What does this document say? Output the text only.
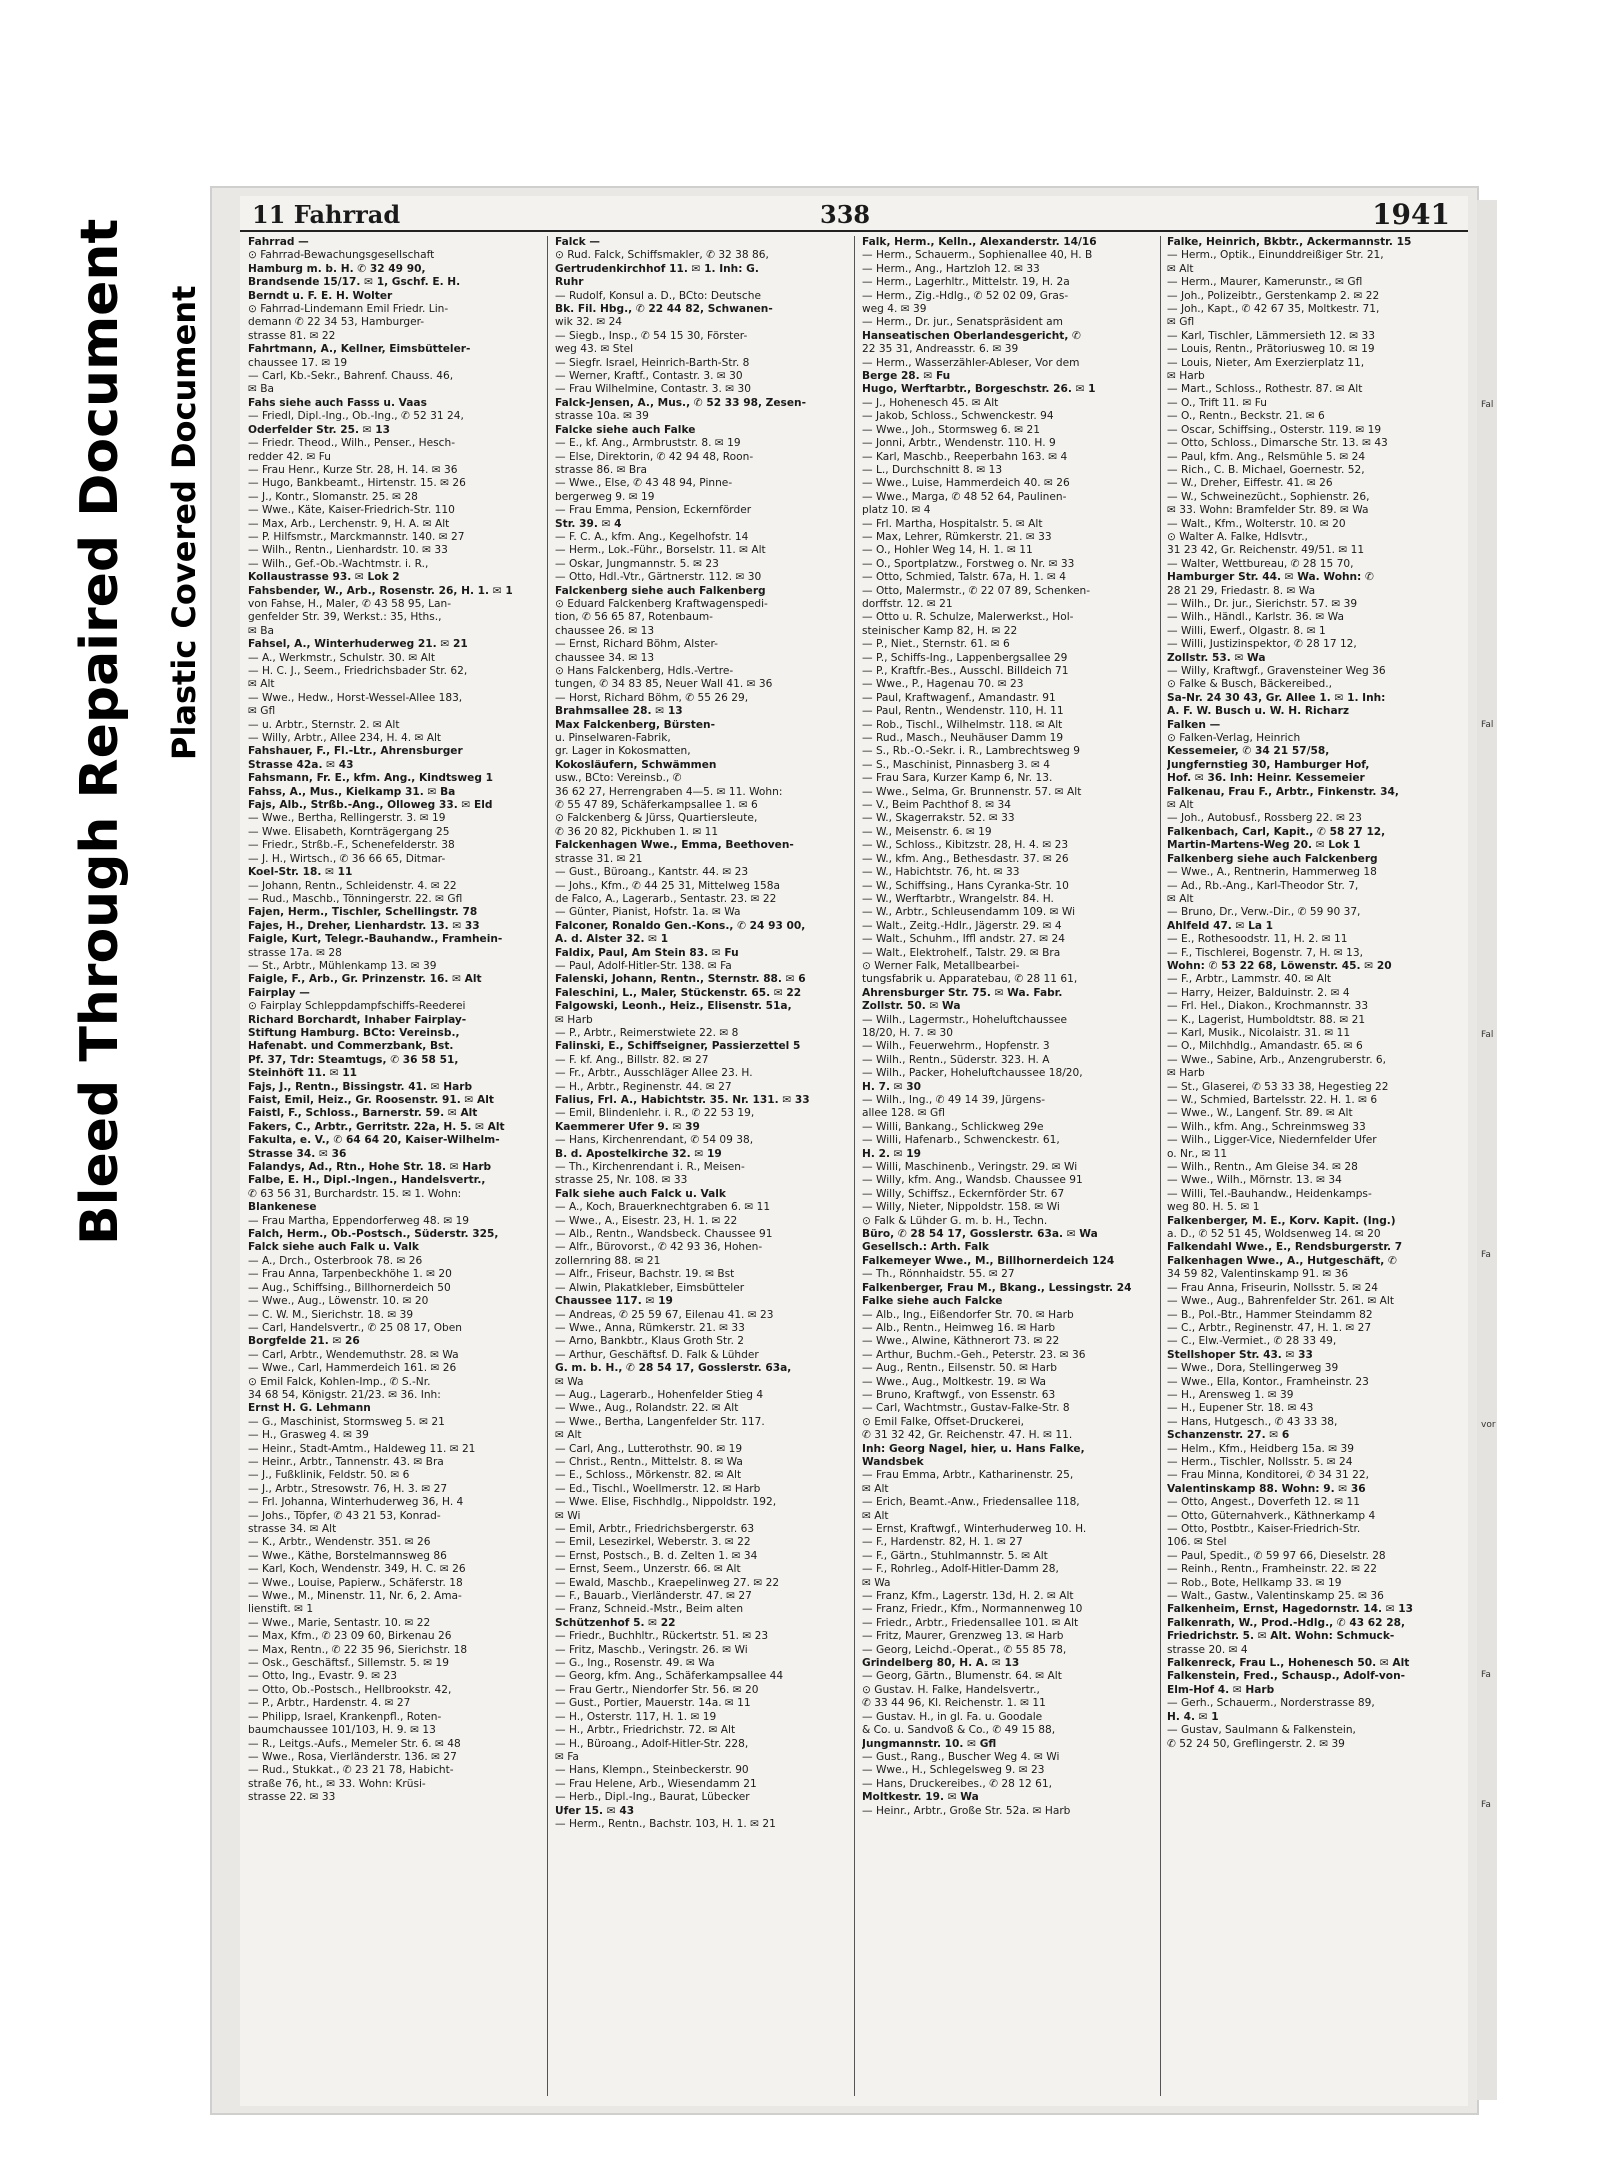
Bleed Through Repaired Document Plastic Covered Document
11 Fahrrad	338	1941
Fahrrad —
⊙ Fahrrad-Bewachungsgesellschaft
Hamburg m. b. H. ✆ 32 49 90,
Brandsende 15/17. ✉ 1, Gschf. E. H.
Berndt u. F. E. H. Wolter
⊙ Fahrrad-Lindemann Emil Friedr. Lin-
demann ✆ 22 34 53, Hamburger-
strasse 81. ✉ 22
Fahrtmann, A., Kellner, Eimsbütteler-
chaussee 17. ✉ 19
— Carl, Kb.-Sekr., Bahrenf. Chauss. 46,
✉ Ba
Fahs siehe auch Fasss u. Vaas
— Friedl, Dipl.-Ing., Ob.-Ing., ✆ 52 31 24,
Oderfelder Str. 25. ✉ 13
— Friedr. Theod., Wilh., Penser., Hesch-
redder 42. ✉ Fu
— Frau Henr., Kurze Str. 28, H. 14. ✉ 36
— Hugo, Bankbeamt., Hirtenstr. 15. ✉ 26
— J., Kontr., Slomanstr. 25. ✉ 28
— Wwe., Käte, Kaiser-Friedrich-Str. 110
— Max, Arb., Lerchenstr. 9, H. A. ✉ Alt
— P. Hilfsmstr., Marckmannstr. 140. ✉ 27
— Wilh., Rentn., Lienhardstr. 10. ✉ 33
— Wilh., Gef.-Ob.-Wachtmstr. i. R.,
Kollaustrasse 93. ✉ Lok 2
Fahsbender, W., Arb., Rosenstr. 26, H. 1. ✉ 1
von Fahse, H., Maler, ✆ 43 58 95, Lan-
genfelder Str. 39, Werkst.: 35, Hths.,
✉ Ba
Fahsel, A., Winterhuderweg 21. ✉ 21
— A., Werkmstr., Schulstr. 30. ✉ Alt
— H. C. J., Seem., Friedrichsbader Str. 62,
✉ Alt
— Wwe., Hedw., Horst-Wessel-Allee 183,
✉ Gfl
— u. Arbtr., Sternstr. 2. ✉ Alt
— Willy, Arbtr., Allee 234, H. 4. ✉ Alt
Fahshauer, F., Fl.-Ltr., Ahrensburger
Strasse 42a. ✉ 43
Fahsmann, Fr. E., kfm. Ang., Kindtsweg 1
Fahss, A., Mus., Kielkamp 31. ✉ Ba
Fajs, Alb., Strßb.-Ang., Olloweg 33. ✉ Eld
— Wwe., Bertha, Rellingerstr. 3. ✉ 19
— Wwe. Elisabeth, Kornträgergang 25
— Friedr., Strßb.-F., Schenefelderstr. 38
— J. H., Wirtsch., ✆ 36 66 65, Ditmar-
Koel-Str. 18. ✉ 11
— Johann, Rentn., Schleidenstr. 4. ✉ 22
— Rud., Maschb., Tönningerstr. 22. ✉ Gfl
Fajen, Herm., Tischler, Schellingstr. 78
Fajes, H., Dreher, Lienhardstr. 13. ✉ 33
Faigle, Kurt, Telegr.-Bauhandw., Framhein-
strasse 17a. ✉ 28
— St., Arbtr., Mühlenkamp 13. ✉ 39
Faigle, F., Arb., Gr. Prinzenstr. 16. ✉ Alt
Fairplay —
⊙ Fairplay Schleppdampfschiffs-Reederei
Richard Borchardt, Inhaber Fairplay-
Stiftung Hamburg. BCto: Vereinsb.,
Hafenabt. und Commerzbank, Bst.
Pf. 37, Tdr: Steamtugs, ✆ 36 58 51,
Steinhöft 11. ✉ 11
Fajs, J., Rentn., Bissingstr. 41. ✉ Harb
Faist, Emil, Heiz., Gr. Roosenstr. 91. ✉ Alt
Faistl, F., Schloss., Barnerstr. 59. ✉ Alt
Fakers, C., Arbtr., Gerritstr. 22a, H. 5. ✉ Alt
Fakulta, e. V., ✆ 64 64 20, Kaiser-Wilhelm-
Strasse 34. ✉ 36
Falandys, Ad., Rtn., Hohe Str. 18. ✉ Harb
Falbe, E. H., Dipl.-Ingen., Handelsvertr.,
✆ 63 56 31, Burchardstr. 15. ✉ 1. Wohn:
Blankenese
— Frau Martha, Eppendorferweg 48. ✉ 19
Falch, Herm., Ob.-Postsch., Süderstr. 325,
Falck siehe auch Falk u. Valk
— A., Drch., Osterbrook 78. ✉ 26
— Frau Anna, Tarpenbeckhöhe 1. ✉ 20
— Aug., Schiffsing., Billhornerdeich 50
— Wwe., Aug., Löwenstr. 10. ✉ 20
— C. W. M., Sierichstr. 18. ✉ 39
— Carl, Handelsvertr., ✆ 25 08 17, Oben
Borgfelde 21. ✉ 26
— Carl, Arbtr., Wendemuthstr. 28. ✉ Wa
— Wwe., Carl, Hammerdeich 161. ✉ 26
⊙ Emil Falck, Kohlen-Imp., ✆ S.-Nr.
34 68 54, Königstr. 21/23. ✉ 36. Inh:
Ernst H. G. Lehmann
— G., Maschinist, Stormsweg 5. ✉ 21
— H., Grasweg 4. ✉ 39
— Heinr., Stadt-Amtm., Haldeweg 11. ✉ 21
— Heinr., Arbtr., Tannenstr. 43. ✉ Bra
— J., Fußklinik, Feldstr. 50. ✉ 6
— J., Arbtr., Stresowstr. 76, H. 3. ✉ 27
— Frl. Johanna, Winterhuderweg 36, H. 4
— Johs., Töpfer, ✆ 43 21 53, Konrad-
strasse 34. ✉ Alt
— K., Arbtr., Wendenstr. 351. ✉ 26
— Wwe., Käthe, Borstelmannsweg 86
— Karl, Koch, Wendenstr. 349, H. C. ✉ 26
— Wwe., Louise, Papierw., Schäferstr. 18
— Wwe., M., Minenstr. 11, Nr. 6, 2. Ama-
lienstift. ✉ 1
— Wwe., Marie, Sentastr. 10. ✉ 22
— Max, Kfm., ✆ 23 09 60, Birkenau 26
— Max, Rentn., ✆ 22 35 96, Sierichstr. 18
— Osk., Geschäftsf., Sillemstr. 5. ✉ 19
— Otto, Ing., Evastr. 9. ✉ 23
— Otto, Ob.-Postsch., Hellbrookstr. 42,
— P., Arbtr., Hardenstr. 4. ✉ 27
— Philipp, Israel, Krankenpfl., Roten-
baumchaussee 101/103, H. 9. ✉ 13
— R., Leitgs.-Aufs., Memeler Str. 6. ✉ 48
— Wwe., Rosa, Vierländerstr. 136. ✉ 27
— Rud., Stukkat., ✆ 23 21 78, Habicht-
straße 76, ht., ✉ 33. Wohn: Krüsi-
strasse 22. ✉ 33
Falck —
⊙ Rud. Falck, Schiffsmakler, ✆ 32 38 86,
Gertrudenkirchhof 11. ✉ 1. Inh: G.
Ruhr
— Rudolf, Konsul a. D., BCto: Deutsche
Bk. Fil. Hbg., ✆ 22 44 82, Schwanen-
wik 32. ✉ 24
— Siegb., Insp., ✆ 54 15 30, Förster-
weg 43. ✉ Stel
— Siegfr. Israel, Heinrich-Barth-Str. 8
— Werner, Kraftf., Contastr. 3. ✉ 30
— Frau Wilhelmine, Contastr. 3. ✉ 30
Falck-Jensen, A., Mus., ✆ 52 33 98, Zesen-
strasse 10a. ✉ 39
Falcke siehe auch Falke
— E., kf. Ang., Armbruststr. 8. ✉ 19
— Else, Direktorin, ✆ 42 94 48, Roon-
strasse 86. ✉ Bra
— Wwe., Else, ✆ 43 48 94, Pinne-
bergerweg 9. ✉ 19
— Frau Emma, Pension, Eckernförder
Str. 39. ✉ 4
— F. C. A., kfm. Ang., Kegelhofstr. 14
— Herm., Lok.-Führ., Borselstr. 11. ✉ Alt
— Oskar, Jungmannstr. 5. ✉ 23
— Otto, Hdl.-Vtr., Gärtnerstr. 112. ✉ 30
Falckenberg siehe auch Falkenberg
⊙ Eduard Falckenberg Kraftwagenspedi-
tion, ✆ 56 65 87, Rotenbaum-
chaussee 26. ✉ 13
— Ernst, Richard Böhm, Alster-
chaussee 34. ✉ 13
⊙ Hans Falckenberg, Hdls.-Vertre-
tungen, ✆ 34 83 85, Neuer Wall 41. ✉ 36
— Horst, Richard Böhm, ✆ 55 26 29,
Brahmsallee 28. ✉ 13
Max Falckenberg, Bürsten-
u. Pinselwaren-Fabrik,
gr. Lager in Kokosmatten,
Kokosläufern, Schwämmen
usw., BCto: Vereinsb., ✆
36 62 27, Herrengraben 4—5. ✉ 11. Wohn:
✆ 55 47 89, Schäferkampsallee 1. ✉ 6
⊙ Falckenberg & Jürss, Quartiersleute,
✆ 36 20 82, Pickhuben 1. ✉ 11
Falckenhagen Wwe., Emma, Beethoven-
strasse 31. ✉ 21
— Gust., Büroang., Kantstr. 44. ✉ 23
— Johs., Kfm., ✆ 44 25 31, Mittelweg 158a
de Falco, A., Lagerarb., Sentastr. 23. ✉ 22
— Günter, Pianist, Hofstr. 1a. ✉ Wa
Falconer, Ronaldo Gen.-Kons., ✆ 24 93 00,
A. d. Alster 32. ✉ 1
Faldix, Paul, Am Stein 83. ✉ Fu
— Paul, Adolf-Hitler-Str. 138. ✉ Fa
Falenski, Johann, Rentn., Sternstr. 88. ✉ 6
Faleschini, L., Maler, Stückenstr. 65. ✉ 22
Falgowski, Leonh., Heiz., Elisenstr. 51a,
✉ Harb
— P., Arbtr., Reimerstwiete 22. ✉ 8
Falinski, E., Schiffseigner, Passierzettel 5
— F. kf. Ang., Billstr. 82. ✉ 27
— Fr., Arbtr., Ausschläger Allee 23. H.
— H., Arbtr., Reginenstr. 44. ✉ 27
Falius, Frl. A., Habichtstr. 35. Nr. 131. ✉ 33
— Emil, Blindenlehr. i. R., ✆ 22 53 19,
Kaemmerer Ufer 9. ✉ 39
— Hans, Kirchenrendant, ✆ 54 09 38,
B. d. Apostelkirche 32. ✉ 19
— Th., Kirchenrendant i. R., Meisen-
strasse 25, Nr. 108. ✉ 33
Falk siehe auch Falck u. Valk
— A., Koch, Brauerknechtgraben 6. ✉ 11
— Wwe., A., Eisestr. 23, H. 1. ✉ 22
— Alb., Rentn., Wandsbeck. Chaussee 91
— Alfr., Bürovorst., ✆ 42 93 36, Hohen-
zollernring 88. ✉ 21
— Alfr., Friseur, Bachstr. 19. ✉ Bst
— Alwin, Plakatkleber, Eimsbütteler
Chaussee 117. ✉ 19
— Andreas, ✆ 25 59 67, Eilenau 41. ✉ 23
— Wwe., Anna, Rümkerstr. 21. ✉ 33
— Arno, Bankbtr., Klaus Groth Str. 2
— Arthur, Geschäftsf. D. Falk & Lühder
G. m. b. H., ✆ 28 54 17, Gosslerstr. 63a,
✉ Wa
— Aug., Lagerarb., Hohenfelder Stieg 4
— Wwe., Aug., Rolandstr. 22. ✉ Alt
— Wwe., Bertha, Langenfelder Str. 117.
✉ Alt
— Carl, Ang., Lutterothstr. 90. ✉ 19
— Christ., Rentn., Mittelstr. 8. ✉ Wa
— E., Schloss., Mörkenstr. 82. ✉ Alt
— Ed., Tischl., Woellmerstr. 12. ✉ Harb
— Wwe. Elise, Fischhdlg., Nippoldstr. 192,
✉ Wi
— Emil, Arbtr., Friedrichsbergerstr. 63
— Emil, Lesezirkel, Weberstr. 3. ✉ 22
— Ernst, Postsch., B. d. Zelten 1. ✉ 34
— Ernst, Seem., Unzerstr. 66. ✉ Alt
— Ewald, Maschb., Kraepelinweg 27. ✉ 22
— F., Bauarb., Vierländerstr. 47. ✉ 27
— Franz, Schneid.-Mstr., Beim alten
Schützenhof 5. ✉ 22
— Friedr., Buchhltr., Rückertstr. 51. ✉ 23
— Fritz, Maschb., Veringstr. 26. ✉ Wi
— G., Ing., Rosenstr. 49. ✉ Wa
— Georg, kfm. Ang., Schäferkampsallee 44
— Frau Gertr., Niendorfer Str. 56. ✉ 20
— Gust., Portier, Mauerstr. 14a. ✉ 11
— H., Osterstr. 117, H. 1. ✉ 19
— H., Arbtr., Friedrichstr. 72. ✉ Alt
— H., Büroang., Adolf-Hitler-Str. 228,
✉ Fa
— Hans, Klempn., Steinbeckerstr. 90
— Frau Helene, Arb., Wiesendamm 21
— Herb., Dipl.-Ing., Baurat, Lübecker
Ufer 15. ✉ 43
— Herm., Rentn., Bachstr. 103, H. 1. ✉ 21
Falk, Herm., Kelln., Alexanderstr. 14/16
— Herm., Schauerm., Sophienallee 40, H. B
— Herm., Ang., Hartzloh 12. ✉ 33
— Herm., Lagerhltr., Mittelstr. 19, H. 2a
— Herm., Zig.-Hdlg., ✆ 52 02 09, Gras-
weg 4. ✉ 39
— Herm., Dr. jur., Senatspräsident am
Hanseatischen Oberlandesgericht, ✆
22 35 31, Andreasstr. 6. ✉ 39
— Herm., Wasserzähler-Ableser, Vor dem
Berge 28. ✉ Fu
Hugo, Werftarbtr., Borgeschstr. 26. ✉ 1
— J., Hohenesch 45. ✉ Alt
— Jakob, Schloss., Schwenckestr. 94
— Wwe., Joh., Stormsweg 6. ✉ 21
— Jonni, Arbtr., Wendenstr. 110. H. 9
— Karl, Maschb., Reeperbahn 163. ✉ 4
— L., Durchschnitt 8. ✉ 13
— Wwe., Luise, Hammerdeich 40. ✉ 26
— Wwe., Marga, ✆ 48 52 64, Paulinen-
platz 10. ✉ 4
— Frl. Martha, Hospitalstr. 5. ✉ Alt
— Max, Lehrer, Rümkerstr. 21. ✉ 33
— O., Hohler Weg 14, H. 1. ✉ 11
— O., Sportplatzw., Forstweg o. Nr. ✉ 33
— Otto, Schmied, Talstr. 67a, H. 1. ✉ 4
— Otto, Malermstr., ✆ 22 07 89, Schenken-
dorffstr. 12. ✉ 21
— Otto u. R. Schulze, Malerwerkst., Hol-
steinischer Kamp 82, H. ✉ 22
— P., Niet., Sternstr. 61. ✉ 6
— P., Schiffs-Ing., Lappenbergsallee 29
— P., Kraftfr.-Bes., Ausschl. Billdeich 71
— Wwe., P., Hagenau 70. ✉ 23
— Paul, Kraftwagenf., Amandastr. 91
— Paul, Rentn., Wendenstr. 110, H. 11
— Rob., Tischl., Wilhelmstr. 118. ✉ Alt
— Rud., Masch., Neuhäuser Damm 19
— S., Rb.-O.-Sekr. i. R., Lambrechtsweg 9
— S., Maschinist, Pinnasberg 3. ✉ 4
— Frau Sara, Kurzer Kamp 6, Nr. 13.
— Wwe., Selma, Gr. Brunnenstr. 57. ✉ Alt
— V., Beim Pachthof 8. ✉ 34
— W., Skagerrakstr. 52. ✉ 33
— W., Meisenstr. 6. ✉ 19
— W., Schloss., Kibitzstr. 28, H. 4. ✉ 23
— W., kfm. Ang., Bethesdastr. 37. ✉ 26
— W., Habichtstr. 76, ht. ✉ 33
— W., Schiffsing., Hans Cyranka-Str. 10
— W., Werftarbtr., Wrangelstr. 84. H.
— W., Arbtr., Schleusendamm 109. ✉ Wi
— Walt., Zeitg.-Hdlr., Jägerstr. 29. ✉ 4
— Walt., Schuhm., Iffl andstr. 27. ✉ 24
— Walt., Elektrohelf., Talstr. 29. ✉ Bra
⊙ Werner Falk, Metallbearbei-
tungsfabrik u. Apparatebau, ✆ 28 11 61,
Ahrensburger Str. 75. ✉ Wa. Fabr.
Zollstr. 50. ✉ Wa
— Wilh., Lagermstr., Hoheluftchaussee
18/20, H. 7. ✉ 30
— Wilh., Feuerwehrm., Hopfenstr. 3
— Wilh., Rentn., Süderstr. 323. H. A
— Wilh., Packer, Hoheluftchaussee 18/20,
H. 7. ✉ 30
— Wilh., Ing., ✆ 49 14 39, Jürgens-
allee 128. ✉ Gfl
— Willi, Bankang., Schlickweg 29e
— Willi, Hafenarb., Schwenckestr. 61,
H. 2. ✉ 19
— Willi, Maschinenb., Veringstr. 29. ✉ Wi
— Willy, kfm. Ang., Wandsb. Chaussee 91
— Willy, Schiffsz., Eckernförder Str. 67
— Willy, Nieter, Nippoldstr. 158. ✉ Wi
⊙ Falk & Lühder G. m. b. H., Techn.
Büro, ✆ 28 54 17, Gosslerstr. 63a. ✉ Wa
Gesellsch.: Arth. Falk
Falkemeyer Wwe., M., Billhornerdeich 124
— Th., Rönnhaidstr. 55. ✉ 27
Falkenberger, Frau M., Bkang., Lessingstr. 24
Falke siehe auch Falcke
— Alb., Ing., Eißendorfer Str. 70. ✉ Harb
— Alb., Rentn., Heimweg 16. ✉ Harb
— Wwe., Alwine, Käthnerort 73. ✉ 22
— Arthur, Buchm.-Geh., Peterstr. 23. ✉ 36
— Aug., Rentn., Eilsenstr. 50. ✉ Harb
— Wwe., Aug., Moltkestr. 19. ✉ Wa
— Bruno, Kraftwgf., von Essenstr. 63
— Carl, Wachtmstr., Gustav-Falke-Str. 8
⊙ Emil Falke, Offset-Druckerei,
✆ 31 32 42, Gr. Reichenstr. 47. H. ✉ 11.
Inh: Georg Nagel, hier, u. Hans Falke,
Wandsbek
— Frau Emma, Arbtr., Katharinenstr. 25,
✉ Alt
— Erich, Beamt.-Anw., Friedensallee 118,
✉ Alt
— Ernst, Kraftwgf., Winterhuderweg 10. H.
— F., Hardenstr. 82, H. 1. ✉ 27
— F., Gärtn., Stuhlmannstr. 5. ✉ Alt
— F., Rohrleg., Adolf-Hitler-Damm 28,
✉ Wa
— Franz, Kfm., Lagerstr. 13d, H. 2. ✉ Alt
— Franz, Friedr., Kfm., Normannenweg 10
— Friedr., Arbtr., Friedensallee 101. ✉ Alt
— Fritz, Maurer, Grenzweg 13. ✉ Harb
— Georg, Leichd.-Operat., ✆ 55 85 78,
Grindelberg 80, H. A. ✉ 13
— Georg, Gärtn., Blumenstr. 64. ✉ Alt
⊙ Gustav. H. Falke, Handelsvertr.,
✆ 33 44 96, Kl. Reichenstr. 1. ✉ 11
— Gustav. H., in gl. Fa. u. Goodale
& Co. u. Sandvoß & Co., ✆ 49 15 88,
Jungmannstr. 10. ✉ Gfl
— Gust., Rang., Buscher Weg 4. ✉ Wi
— Wwe., H., Schlegelsweg 9. ✉ 23
— Hans, Druckereibes., ✆ 28 12 61,
Moltkestr. 19. ✉ Wa
— Heinr., Arbtr., Große Str. 52a. ✉ Harb
Falke, Heinrich, Bkbtr., Ackermannstr. 15
— Herm., Optik., Einunddreißiger Str. 21,
✉ Alt
— Herm., Maurer, Kamerunstr., ✉ Gfl
— Joh., Polizeibtr., Gerstenkamp 2. ✉ 22
— Joh., Kapt., ✆ 42 67 35, Moltkestr. 71,
✉ Gfl
— Karl, Tischler, Lämmersieth 12. ✉ 33
— Louis, Rentn., Prätoriusweg 10. ✉ 19
— Louis, Nieter, Am Exerzierplatz 11,
✉ Harb
— Mart., Schloss., Rothestr. 87. ✉ Alt
— O., Trift 11. ✉ Fu
— O., Rentn., Beckstr. 21. ✉ 6
— Oscar, Schiffsing., Osterstr. 119. ✉ 19
— Otto, Schloss., Dimarsche Str. 13. ✉ 43
— Paul, kfm. Ang., Relsmühle 5. ✉ 24
— Rich., C. B. Michael, Goernestr. 52,
— W., Dreher, Eiffestr. 41. ✉ 26
— W., Schweinezücht., Sophienstr. 26,
✉ 33. Wohn: Bramfelder Str. 89. ✉ Wa
— Walt., Kfm., Wolterstr. 10. ✉ 20
⊙ Walter A. Falke, Hdlsvtr.,
31 23 42, Gr. Reichenstr. 49/51. ✉ 11
— Walter, Wettbureau, ✆ 28 15 70,
Hamburger Str. 44. ✉ Wa. Wohn: ✆
28 21 29, Friedastr. 8. ✉ Wa
— Wilh., Dr. jur., Sierichstr. 57. ✉ 39
— Wilh., Händl., Karlstr. 36. ✉ Wa
— Willi, Ewerf., Olgastr. 8. ✉ 1
— Willi, Justizinspektor, ✆ 28 17 12,
Zollstr. 53. ✉ Wa
— Willy, Kraftwgf., Gravensteiner Weg 36
⊙ Falke & Busch, Bäckereibed.,
Sa-Nr. 24 30 43, Gr. Allee 1. ✉ 1. Inh:
A. F. W. Busch u. W. H. Richarz
Falken —
⊙ Falken-Verlag, Heinrich
Kessemeier, ✆ 34 21 57/58,
Jungfernstieg 30, Hamburger Hof,
Hof. ✉ 36. Inh: Heinr. Kessemeier
Falkenau, Frau F., Arbtr., Finkenstr. 34,
✉ Alt
— Joh., Autobusf., Rossberg 22. ✉ 23
Falkenbach, Carl, Kapit., ✆ 58 27 12,
Martin-Martens-Weg 20. ✉ Lok 1
Falkenberg siehe auch Falckenberg
— Wwe., A., Rentnerin, Hammerweg 18
— Ad., Rb.-Ang., Karl-Theodor Str. 7,
✉ Alt
— Bruno, Dr., Verw.-Dir., ✆ 59 90 37,
Ahlfeld 47. ✉ La 1
— E., Rothesoodstr. 11, H. 2. ✉ 11
— F., Tischlerei, Bogenstr. 7, H. ✉ 13,
Wohn: ✆ 53 22 68, Löwenstr. 45. ✉ 20
— F., Arbtr., Lammstr. 40. ✉ Alt
— Harry, Heizer, Balduinstr. 2. ✉ 4
— Frl. Hel., Diakon., Krochmannstr. 33
— K., Lagerist, Humboldtstr. 88. ✉ 21
— Karl, Musik., Nicolaistr. 31. ✉ 11
— O., Milchhdlg., Amandastr. 65. ✉ 6
— Wwe., Sabine, Arb., Anzengruberstr. 6,
✉ Harb
— St., Glaserei, ✆ 53 33 38, Hegestieg 22
— W., Schmied, Bartelsstr. 22. H. 1. ✉ 6
— Wwe., W., Langenf. Str. 89. ✉ Alt
— Wilh., kfm. Ang., Schreinmsweg 33
— Wilh., Ligger-Vice, Niedernfelder Ufer
o. Nr., ✉ 11
— Wilh., Rentn., Am Gleise 34. ✉ 28
— Wwe., Wilh., Mörnstr. 13. ✉ 34
— Willi, Tel.-Bauhandw., Heidenkamps-
weg 80. H. 5. ✉ 1
Falkenberger, M. E., Korv. Kapit. (Ing.)
a. D., ✆ 52 51 45, Woldsenweg 14. ✉ 20
Falkendahl Wwe., E., Rendsburgerstr. 7
Falkenhagen Wwe., A., Hutgeschäft, ✆
34 59 82, Valentinskamp 91. ✉ 36
— Frau Anna, Friseurin, Nollsstr. 5. ✉ 24
— Wwe., Aug., Bahrenfelder Str. 261. ✉ Alt
— B., Pol.-Btr., Hammer Steindamm 82
— C., Arbtr., Reginenstr. 47, H. 1. ✉ 27
— C., Elw.-Vermiet., ✆ 28 33 49,
Stellshoper Str. 43. ✉ 33
— Wwe., Dora, Stellingerweg 39
— Wwe., Ella, Kontor., Framheinstr. 23
— H., Arensweg 1. ✉ 39
— H., Eupener Str. 18. ✉ 43
— Hans, Hutgesch., ✆ 43 33 38,
Schanzenstr. 27. ✉ 6
— Helm., Kfm., Heidberg 15a. ✉ 39
— Herm., Tischler, Nollsstr. 5. ✉ 24
— Frau Minna, Konditorei, ✆ 34 31 22,
Valentinskamp 88. Wohn: 9. ✉ 36
— Otto, Angest., Doverfeth 12. ✉ 11
— Otto, Güternahverk., Käthnerkamp 4
— Otto, Postbtr., Kaiser-Friedrich-Str.
106. ✉ Stel
— Paul, Spedit., ✆ 59 97 66, Dieselstr. 28
— Reinh., Rentn., Framheinstr. 22. ✉ 22
— Rob., Bote, Hellkamp 33. ✉ 19
— Walt., Gastw., Valentinskamp 25. ✉ 36
Falkenheim, Ernst, Hagedornstr. 14. ✉ 13
Falkenrath, W., Prod.-Hdlg., ✆ 43 62 28,
Friedrichstr. 5. ✉ Alt. Wohn: Schmuck-
strasse 20. ✉ 4
Falkenreck, Frau L., Hohenesch 50. ✉ Alt
Falkenstein, Fred., Schausp., Adolf-von-
Elm-Hof 4. ✉ Harb
— Gerh., Schauerm., Norderstrasse 89,
H. 4. ✉ 1
— Gustav, Saulmann & Falkenstein,
✆ 52 24 50, Greflingerstr. 2. ✉ 39
Fal
Fal
Fal
Fa
vor
Fa
Fa
